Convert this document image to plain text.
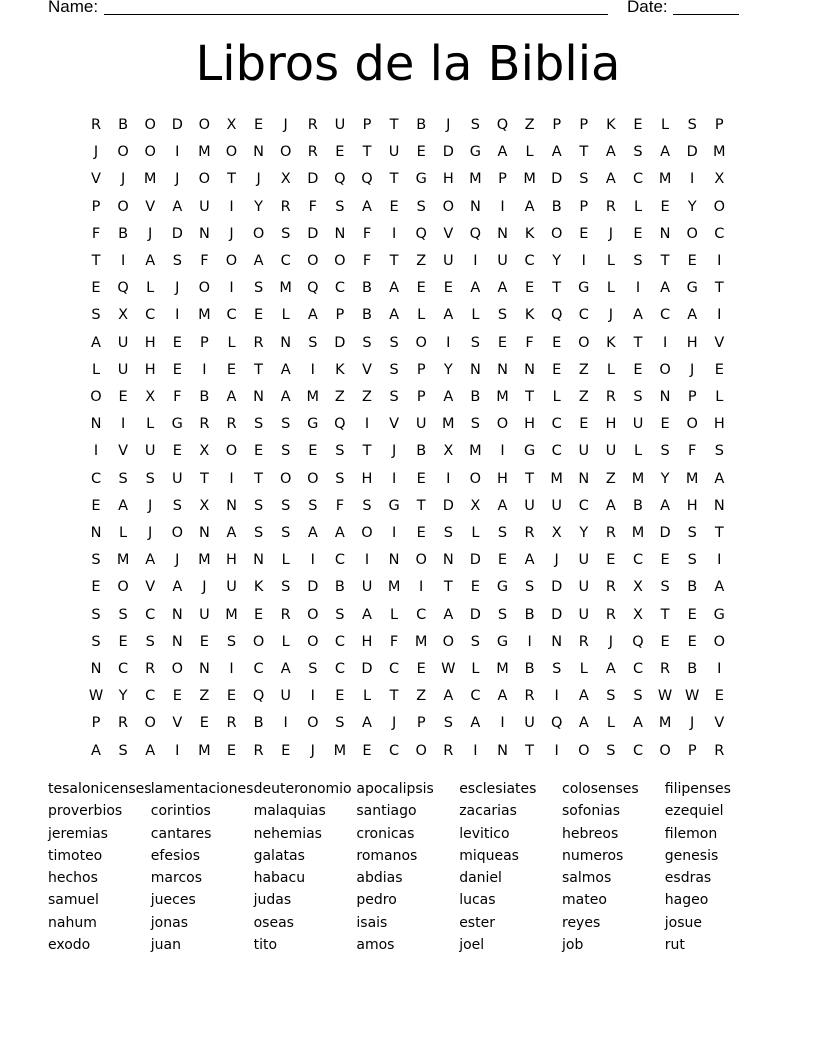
Name:	Date:
Libros de la Biblia
R	B	O	D	O	X	E	J	R	U	P	T	B	J	S	Q	Z	P	P	K	E	L	S	P
J	O	O	I	M	O	N	O	R	E	T	U	E	D	G	A	L	A	T	A	S	A	D	M
V	J	M	J	O	T	J	X	D	Q	Q	T	G	H	M	P	M	D	S	A	C	M	I	X
P	O	V	A	U	I	Y	R	F	S	A	E	S	O	N	I	A	B	P	R	L	E	Y	O
F	B	J	D	N	J	O	S	D	N	F	I	Q	V	Q	N	K	O	E	J	E	N	O	C
T	I	A	S	F	O	A	C	O	O	F	T	Z	U	I	U	C	Y	I	L	S	T	E	I
E	Q	L	J	O	I	S	M	Q	C	B	A	E	E	A	A	E	T	G	L	I	A	G	T
S	X	C	I	M	C	E	L	A	P	B	A	L	A	L	S	K	Q	C	J	A	C	A	I
A	U	H	E	P	L	R	N	S	D	S	S	O	I	S	E	F	E	O	K	T	I	H	V
L	U	H	E	I	E	T	A	I	K	V	S	P	Y	N	N	N	E	Z	L	E	O	J	E
O	E	X	F	B	A	N	A	M	Z	Z	S	P	A	B	M	T	L	Z	R	S	N	P	L
N	I	L	G	R	R	S	S	G	Q	I	V	U	M	S	O	H	C	E	H	U	E	O	H
I	V	U	E	X	O	E	S	E	S	T	J	B	X	M	I	G	C	U	U	L	S	F	S
C	S	S	U	T	I	T	O	O	S	H	I	E	I	O	H	T	M	N	Z	M	Y	M	A
E	A	J	S	X	N	S	S	S	F	S	G	T	D	X	A	U	U	C	A	B	A	H	N
N	L	J	O	N	A	S	S	A	A	O	I	E	S	L	S	R	X	Y	R	M	D	S	T
S	M	A	J	M	H	N	L	I	C	I	N	O	N	D	E	A	J	U	E	C	E	S	I
E	O	V	A	J	U	K	S	D	B	U	M	I	T	E	G	S	D	U	R	X	S	B	A
S	S	C	N	U	M	E	R	O	S	A	L	C	A	D	S	B	D	U	R	X	T	E	G
S	E	S	N	E	S	O	L	O	C	H	F	M	O	S	G	I	N	R	J	Q	E	E	O
N	C	R	O	N	I	C	A	S	C	D	C	E	W	L	M	B	S	L	A	C	R	B	I
W	Y	C	E	Z	E	Q	U	I	E	L	T	Z	A	C	A	R	I	A	S	S	W W	E
P	R	O	V	E	R	B	I	O	S	A	J	P	S	A	I	U	Q	A	L	A	M	J	V
A	S	A	I	M	E	R	E	J	M	E	C	O	R	I	N	T	I	O	S	C	O	P	R
tesalonicenses
proverbios
jeremias
timoteo
hechos
samuel
nahum
exodo
lamentaciones
corintios
cantares
efesios
marcos
jueces
jonas
juan
deuteronomio
malaquias
nehemias
galatas
habacu
judas
oseas
tito
apocalipsis
santiago
cronicas
romanos
abdias
pedro
isais
amos
esclesiates
zacarias
levitico
miqueas
daniel
lucas
ester
joel
colosenses
sofonias
hebreos
numeros
salmos
mateo
reyes
job
filipenses
ezequiel
filemon
genesis
esdras
hageo
josue
rut
